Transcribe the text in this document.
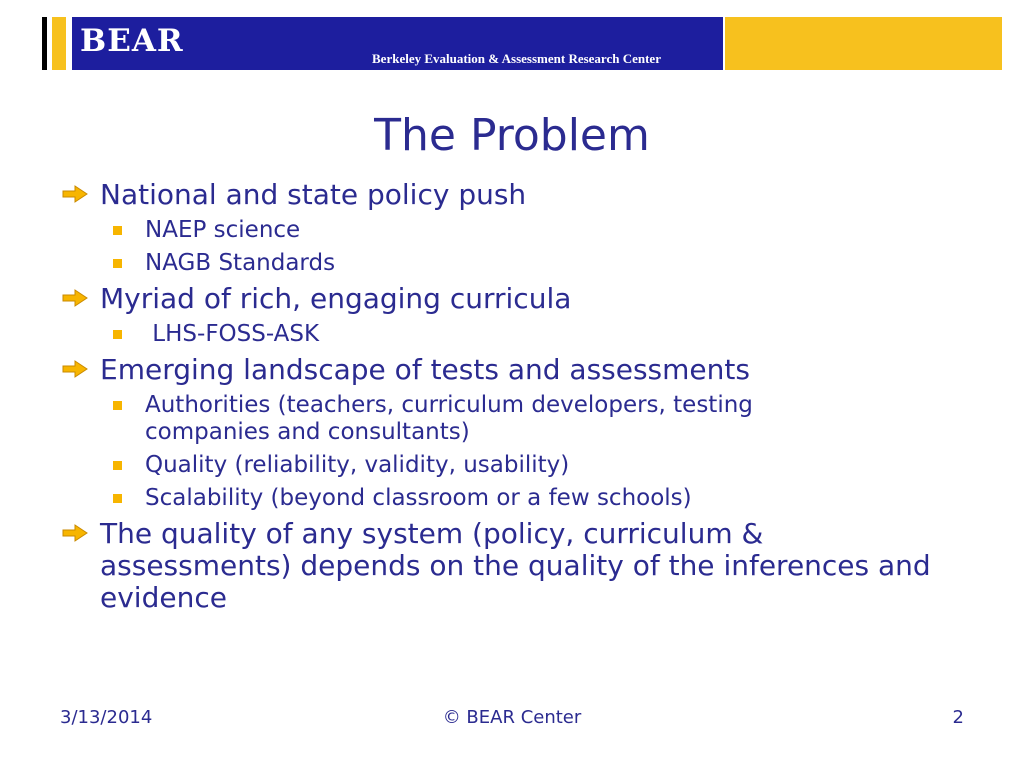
BEAR	Berkeley Evaluation & Assessment Research Center
The Problem
National and state policy push
NAEP science
NAGB Standards
Myriad of rich, engaging curricula
LHS-FOSS-ASK
Emerging landscape of tests and assessments
Authorities (teachers, curriculum developers, testing companies and consultants)
Quality (reliability, validity, usability)
Scalability (beyond classroom or a few schools)
The quality of any system (policy, curriculum & assessments) depends on the quality of the inferences and evidence
3/13/2014	© BEAR Center	2
